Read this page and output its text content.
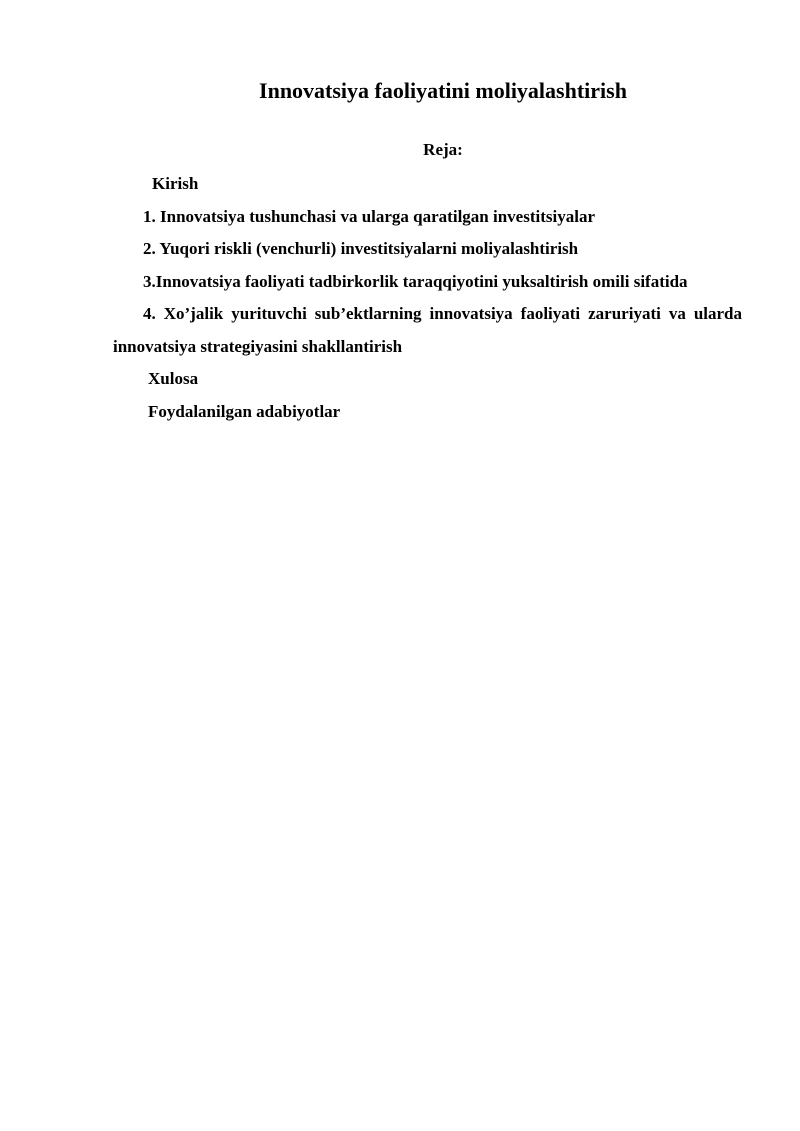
Innovatsiya faoliyatini moliyalashtirish
Reja:
Kirish
1. Innovatsiya tushunchasi va ularga qaratilgan investitsiyalar
2. Yuqori riskli (venchurli) investitsiyalarni moliyalashtirish
3.Innovatsiya faoliyati tadbirkorlik taraqqiyotini yuksaltirish omili sifatida
4. Xo’jalik yurituvchi sub’ektlarning innovatsiya faoliyati zaruriyati va ularda innovatsiya strategiyasini shakllantirish
Xulosa
Foydalanilgan adabiyotlar
